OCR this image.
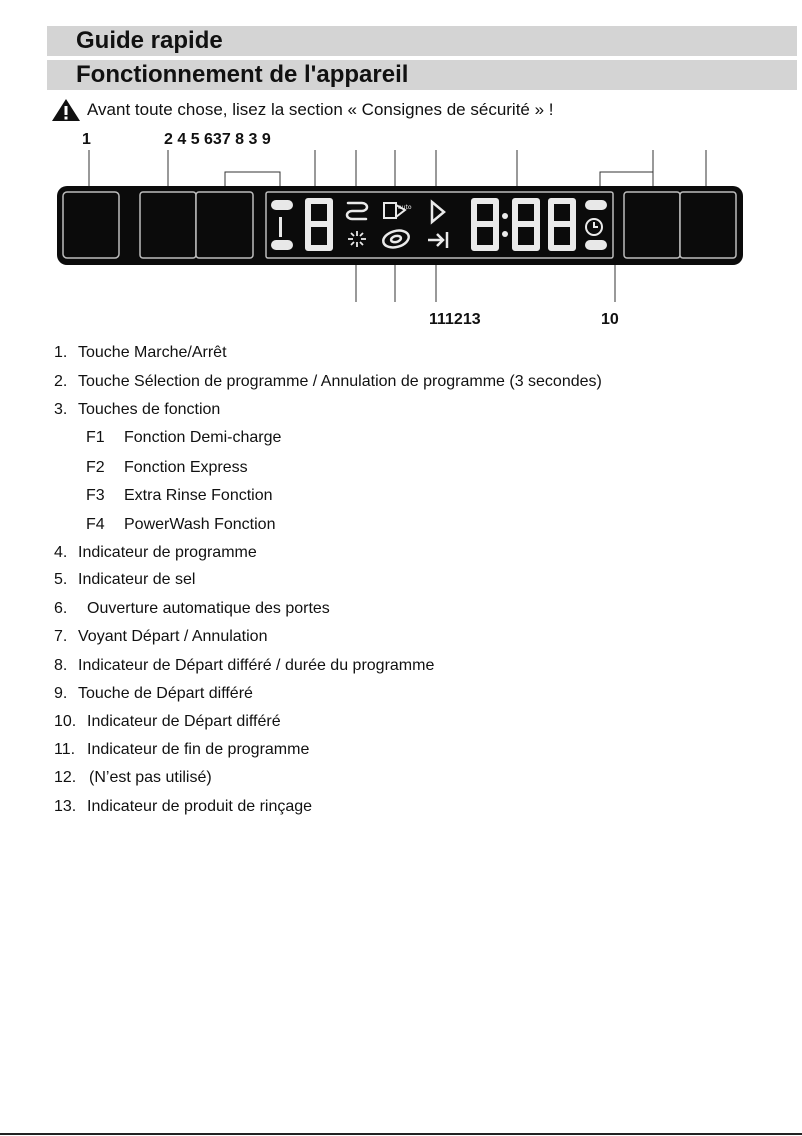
Guide rapide
Fonctionnement de l'appareil
Avant toute chose, lisez la section « Consignes de sécurité » !
1	2 4 5 637 8 3 9
auto
111213	10
1. Touche Marche/Arrêt
2. Touche Sélection de programme / Annulation de programme (3 secondes)
3. Touches de fonction
F1 Fonction Demi-charge
F2 Fonction Express
F3 Extra Rinse Fonction
F4 PowerWash Fonction
4. Indicateur de programme
5. Indicateur de sel
6. Ouverture automatique des portes
7. Voyant Départ / Annulation
8. Indicateur de Départ différé / durée du programme
9. Touche de Départ différé
10. Indicateur de Départ différé
11. Indicateur de fin de programme
12. (N’est pas utilisé)
13. Indicateur de produit de rinçage
